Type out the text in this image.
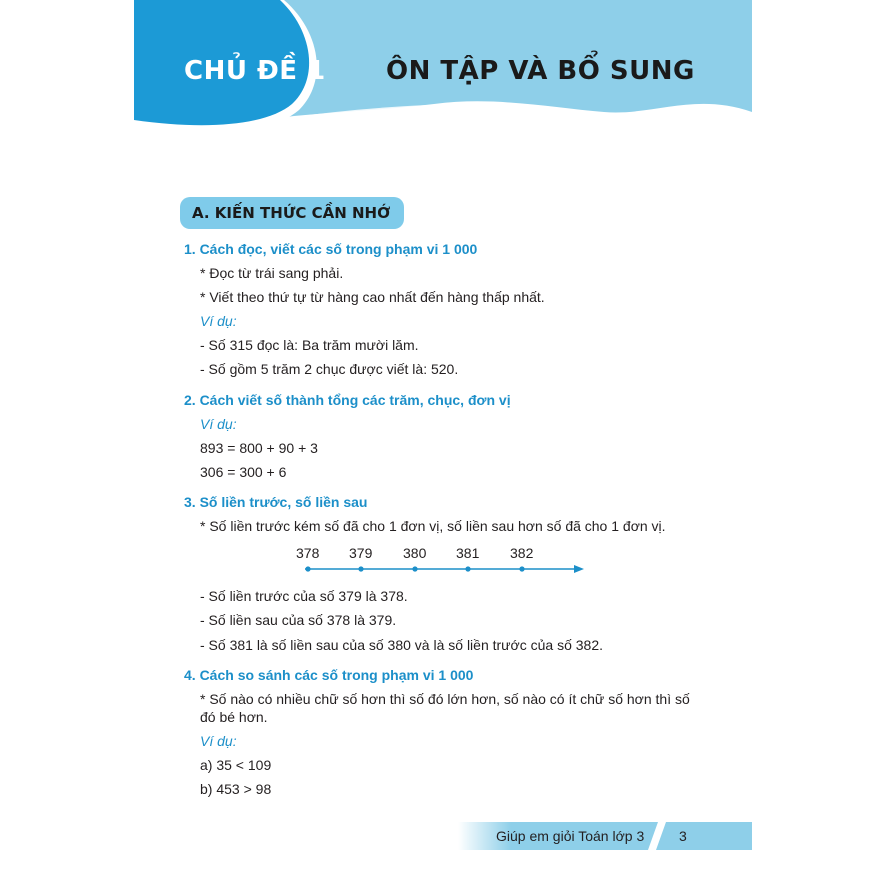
CHỦ ĐỀ 1	ÔN TẬP VÀ BỔ SUNG
A. KIẾN THỨC CẦN NHỚ
1. Cách đọc, viết các số trong phạm vi 1 000
* Đọc từ trái sang phải.
* Viết theo thứ tự từ hàng cao nhất đến hàng thấp nhất.
Ví dụ:
- Số 315 đọc là: Ba trăm mười lăm.
- Số gồm 5 trăm 2 chục được viết là: 520.
2. Cách viết số thành tổng các trăm, chục, đơn vị
Ví dụ:
893 = 800 + 90 + 3
306 = 300 + 6
3. Số liền trước, số liền sau
* Số liền trước kém số đã cho 1 đơn vị, số liền sau hơn số đã cho 1 đơn vị.
378 379 380 381 382
- Số liền trước của số 379 là 378.
- Số liền sau của số 378 là 379.
- Số 381 là số liền sau của số 380 và là số liền trước của số 382.
4. Cách so sánh các số trong phạm vi 1 000
* Số nào có nhiều chữ số hơn thì số đó lớn hơn, số nào có ít chữ số hơn thì số
đó bé hơn.
Ví dụ:
a) 35 < 109
b) 453 > 98
Giúp em giỏi Toán lớp 3 3
